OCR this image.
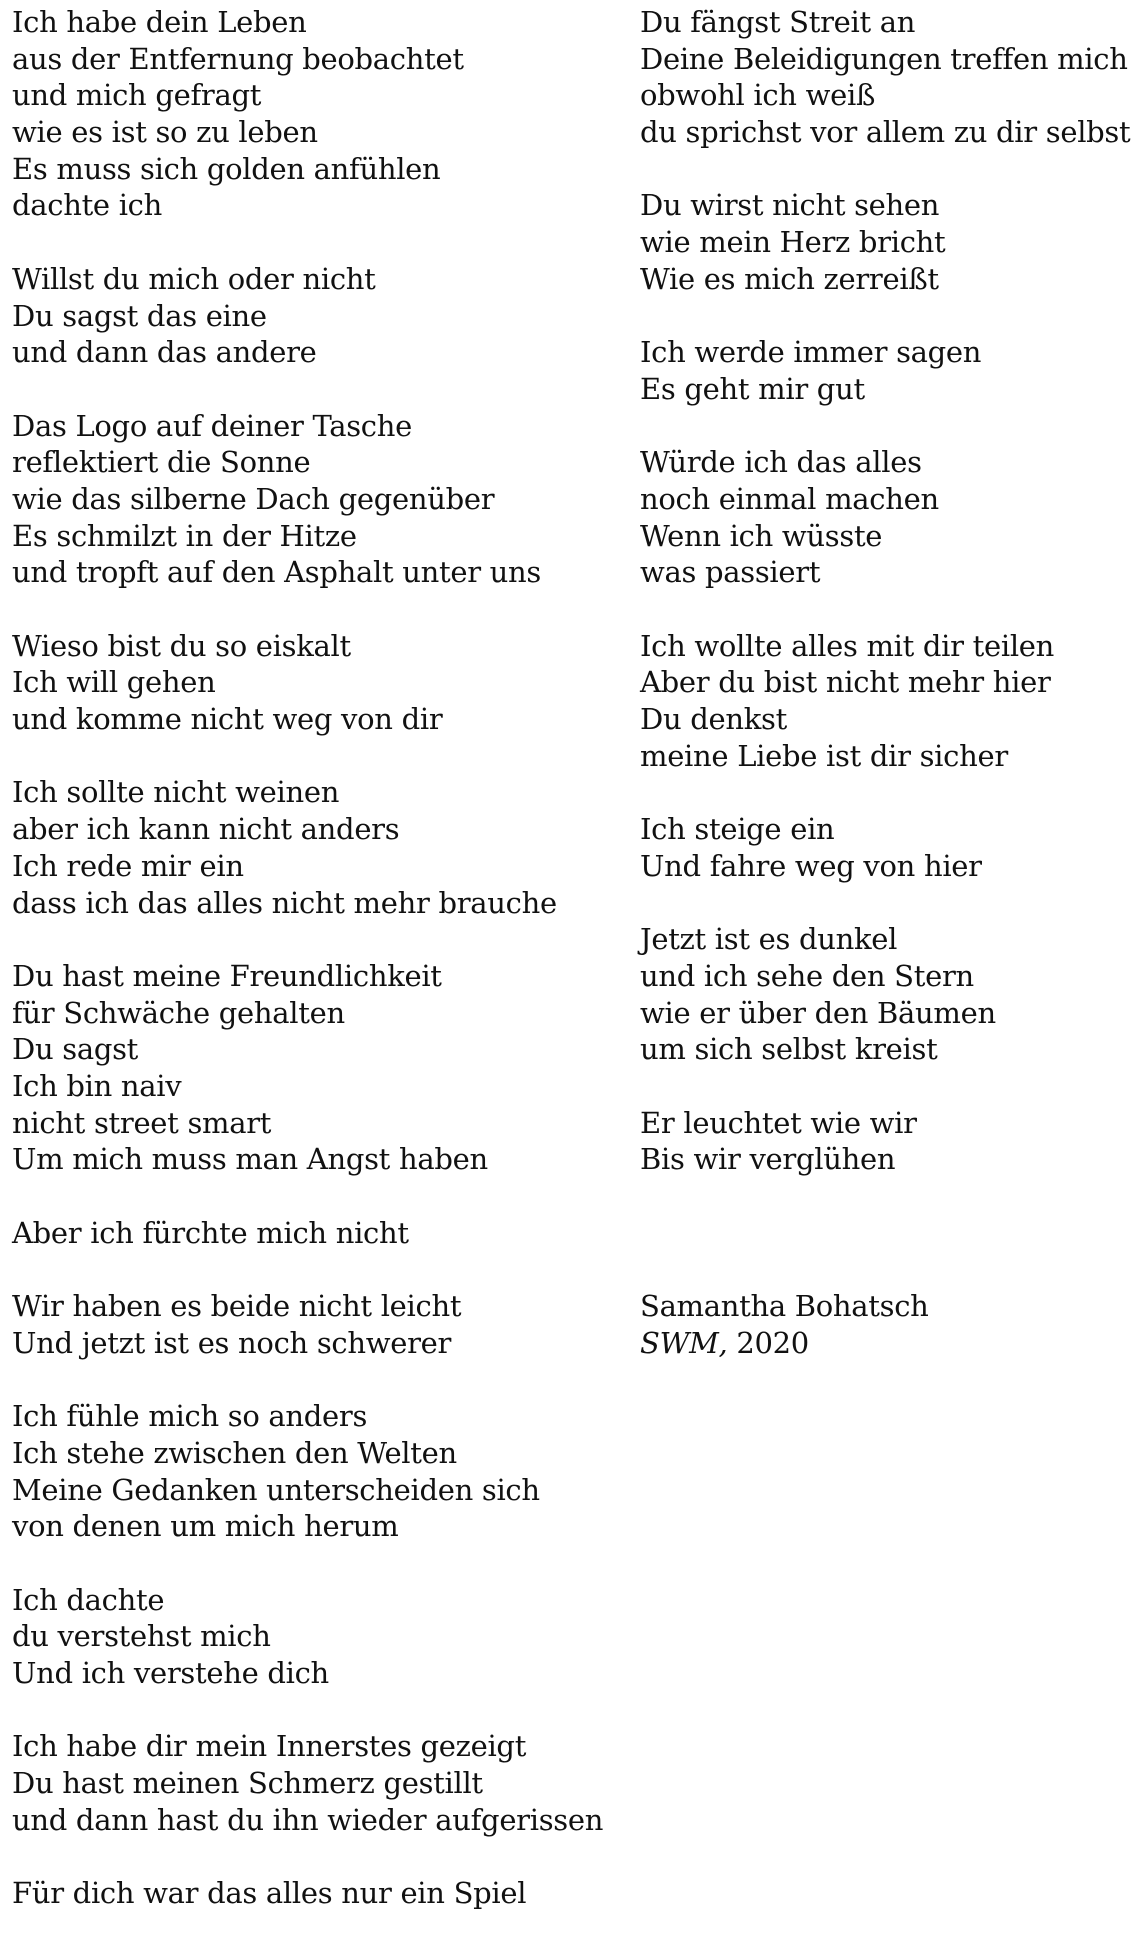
Ich habe dein Leben
aus der Entfernung beobachtet
und mich gefragt
wie es ist so zu leben
Es muss sich golden anfühlen
dachte ich
Willst du mich oder nicht
Du sagst das eine
und dann das andere
Das Logo auf deiner Tasche
reflektiert die Sonne
wie das silberne Dach gegenüber
Es schmilzt in der Hitze
und tropft auf den Asphalt unter uns
Wieso bist du so eiskalt
Ich will gehen
und komme nicht weg von dir
Ich sollte nicht weinen
aber ich kann nicht anders
Ich rede mir ein
dass ich das alles nicht mehr brauche
Du hast meine Freundlichkeit
für Schwäche gehalten
Du sagst
Ich bin naiv
nicht street smart
Um mich muss man Angst haben
Aber ich fürchte mich nicht
Wir haben es beide nicht leicht
Und jetzt ist es noch schwerer
Ich fühle mich so anders
Ich stehe zwischen den Welten
Meine Gedanken unterscheiden sich
von denen um mich herum
Ich dachte
du verstehst mich
Und ich verstehe dich
Ich habe dir mein Innerstes gezeigt
Du hast meinen Schmerz gestillt
und dann hast du ihn wieder aufgerissen
Für dich war das alles nur ein Spiel
Du fängst Streit an
Deine Beleidigungen treffen mich
obwohl ich weiß
du sprichst vor allem zu dir selbst
Du wirst nicht sehen
wie mein Herz bricht
Wie es mich zerreißt
Ich werde immer sagen
Es geht mir gut
Würde ich das alles
noch einmal machen
Wenn ich wüsste
was passiert
Ich wollte alles mit dir teilen
Aber du bist nicht mehr hier
Du denkst
meine Liebe ist dir sicher
Ich steige ein
Und fahre weg von hier
Jetzt ist es dunkel
und ich sehe den Stern
wie er über den Bäumen
um sich selbst kreist
Er leuchtet wie wir
Bis wir verglühen
Samantha Bohatsch
SWM, 2020
